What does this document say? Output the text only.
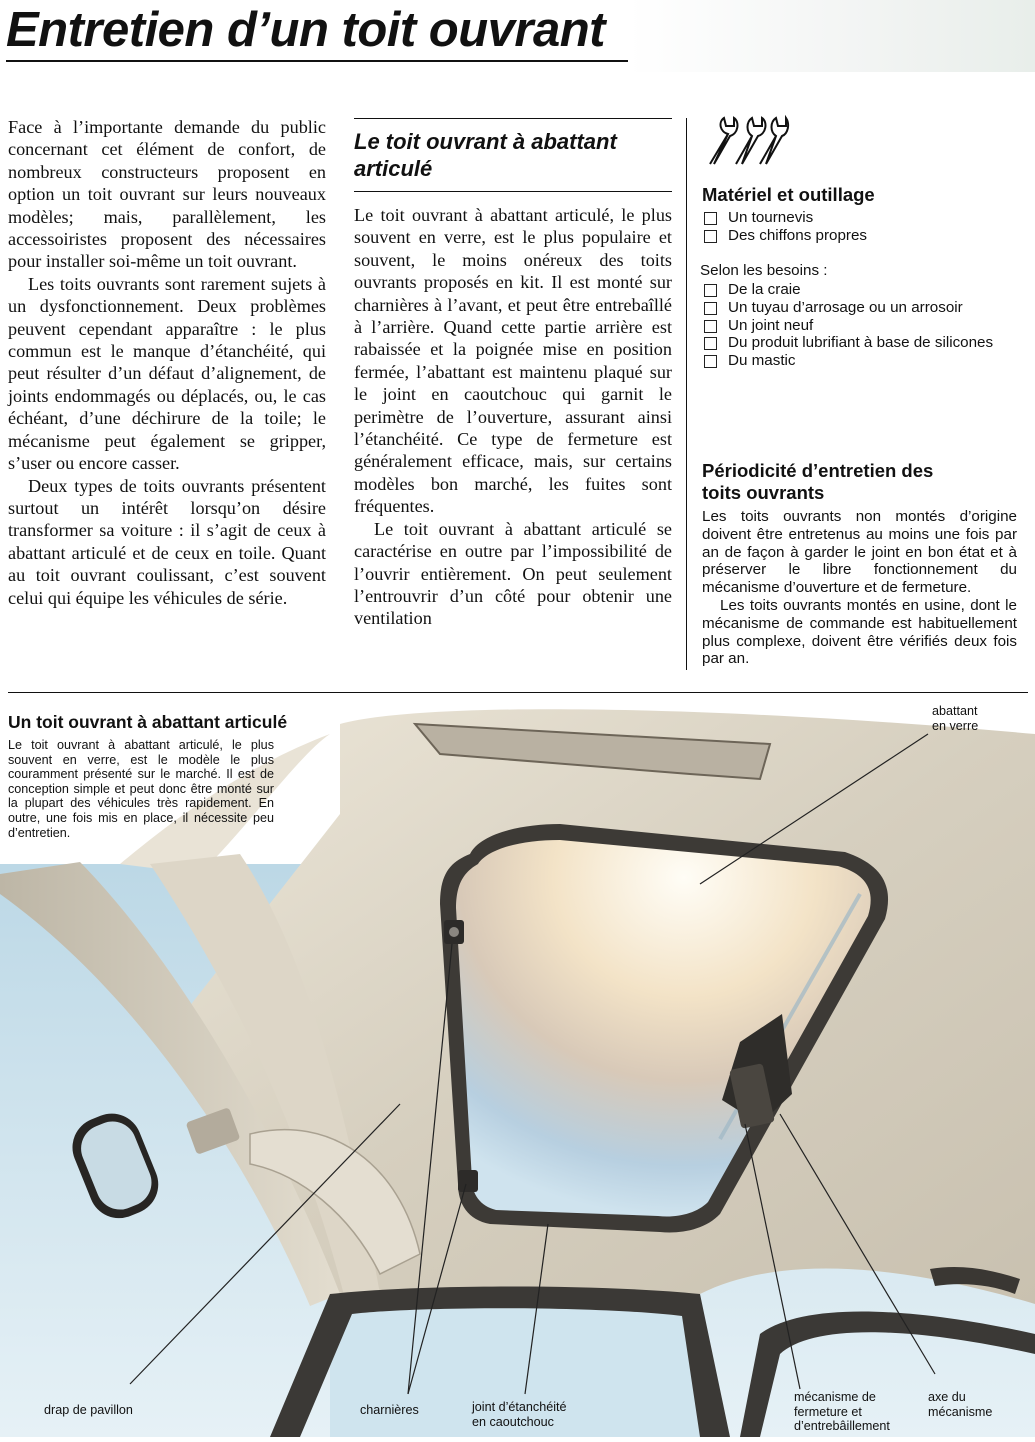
Entretien d’un toit ouvrant

Face à l’importante demande du public concernant cet élément de confort, de nombreux constructeurs proposent en option un toit ouvrant sur leurs nouveaux modèles; mais, parallèlement, les accessoiristes proposent des nécessaires pour installer soi-même un toit ouvrant.

Les toits ouvrants sont rarement sujets à un dysfonctionnement. Deux problèmes peuvent cependant apparaître : le plus commun est le manque d’étanchéité, qui peut résulter d’un défaut d’alignement, de joints endommagés ou déplacés, ou, le cas échéant, d’une déchirure de la toile; le mécanisme peut également se gripper, s’user ou encore casser.

Deux types de toits ouvrants présentent surtout un intérêt lorsqu’on désire transformer sa voiture : il s’agit de ceux à abattant articulé et de ceux en toile. Quant au toit ouvrant coulissant, c’est souvent celui qui équipe les véhicules de série.

Le toit ouvrant à abattant articulé

Le toit ouvrant à abattant articulé, le plus souvent en verre, est le plus populaire et souvent, le moins onéreux des toits ouvrants proposés en kit. Il est monté sur charnières à l’avant, et peut être entrebaîllé à l’arrière. Quand cette partie arrière est rabaissée et la poignée mise en position fermée, l’abattant est maintenu plaqué sur le joint en caoutchouc qui garnit le perimètre de l’ouverture, assurant ainsi l’étanchéité. Ce type de fermeture est généralement efficace, mais, sur certains modèles bon marché, les fuites sont fréquentes.

Le toit ouvrant à abattant articulé se caractérise en outre par l’impossibilité de l’ouvrir entièrement. On peut seulement l’entrouvrir d’un côté pour obtenir une ventilation

Matériel et outillage
Un tournevis
Des chiffons propres
Selon les besoins :
De la craie
Un tuyau d’arrosage ou un arrosoir
Un joint neuf
Du produit lubrifiant à base de silicones
Du mastic
Périodicité d’entretien des toits ouvrants

Les toits ouvrants non montés d’origine doivent être entretenus au moins une fois par an de façon à garder le joint en bon état et à préserver le libre fonctionnement du mécanisme d’ouverture et de fermeture.

Les toits ouvrants montés en usine, dont le mécanisme de commande est habituellement plus complexe, doivent être vérifiés deux fois par an.

Un toit ouvrant à abattant articulé
Le toit ouvrant à abattant articulé, le plus souvent en verre, est le modèle le plus couramment présenté sur le marché. Il est de conception simple et peut donc être monté sur la plupart des véhicules très rapidement. En outre, une fois mis en place, il nécessite peu d’entretien.
abattant
en verre
drap de pavillon	charnières	joint d’étanchéité
en caoutchouc
mécanisme de
fermeture et
d’entrebâillement
axe du
mécanisme
